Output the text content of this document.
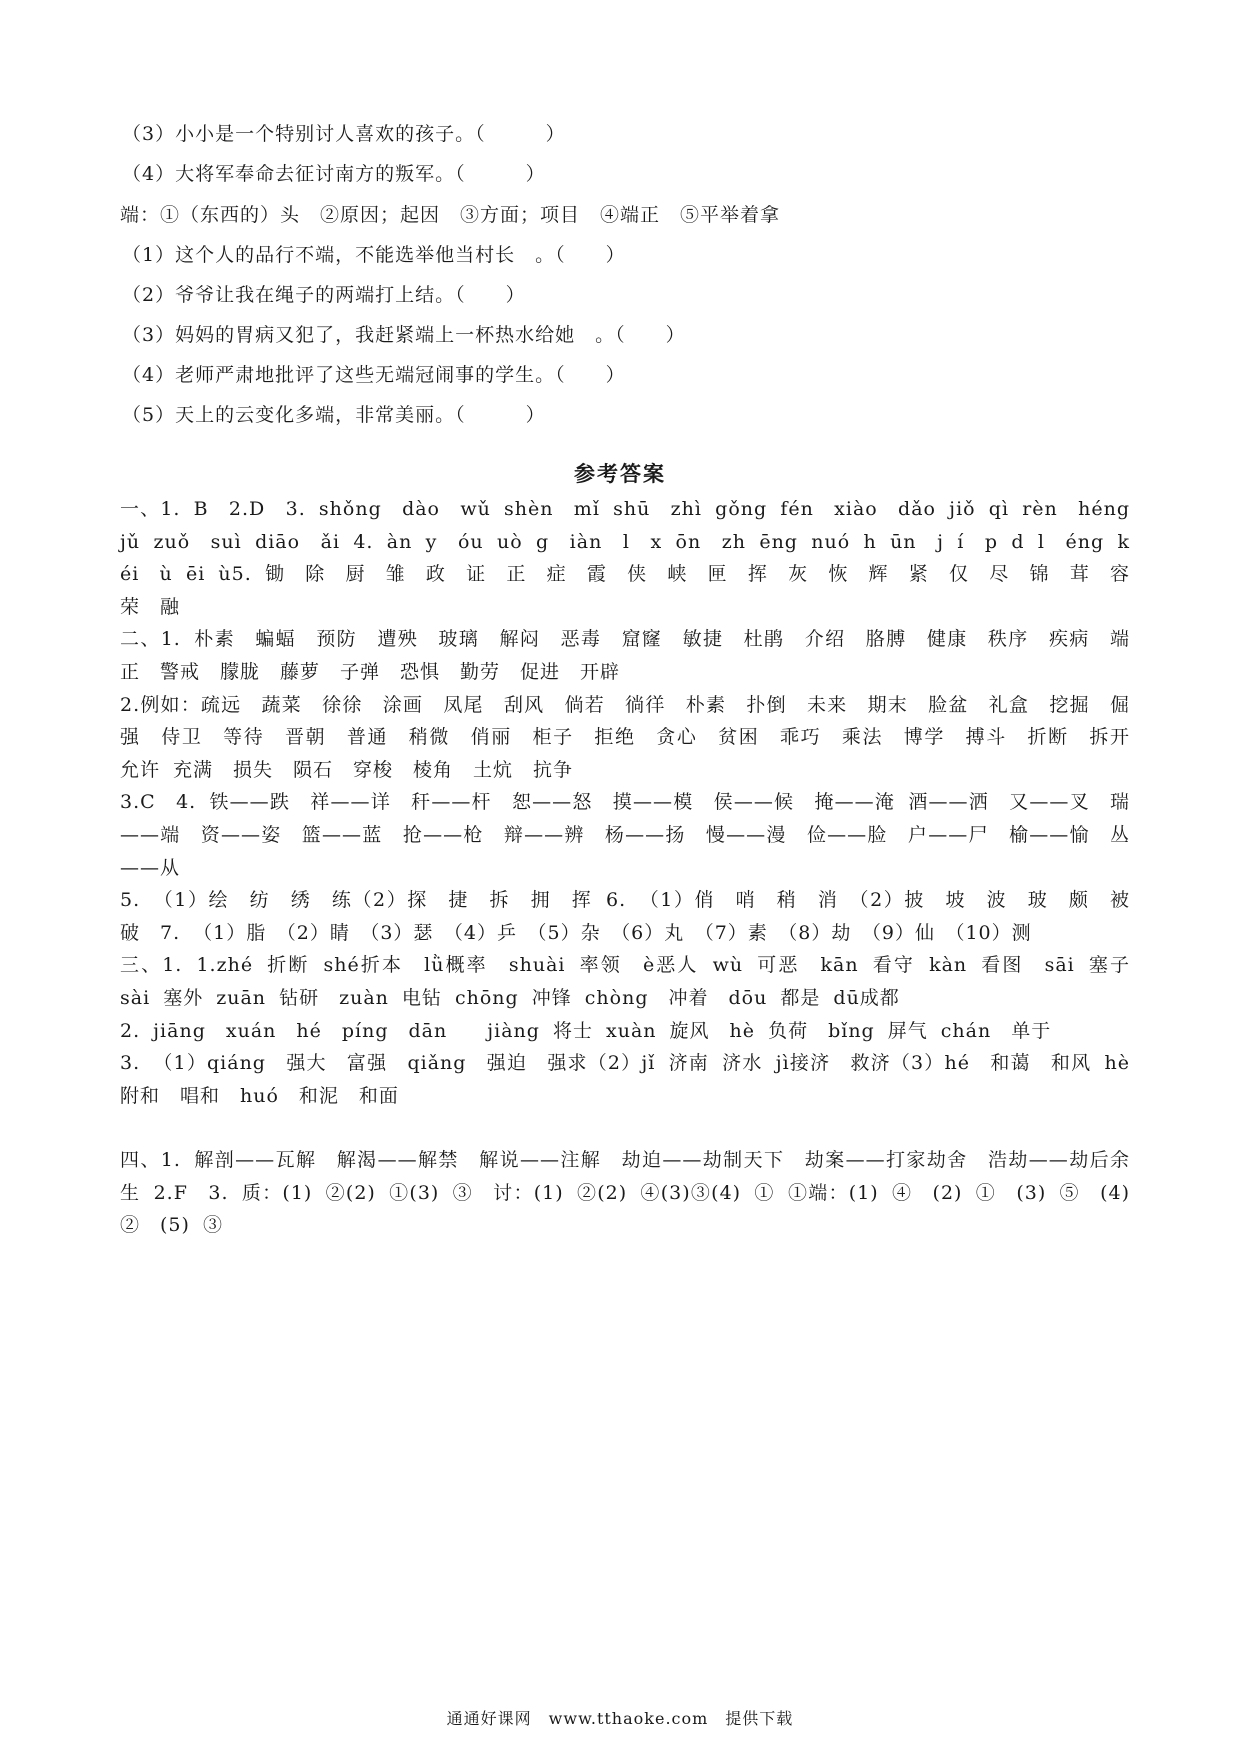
（3）小小是一个特别讨人喜欢的孩子。（　　　）
（4）大将军奉命去征讨南方的叛军。（　　　）
端：①（东西的）头　②原因；起因　③方面；项目　④端正　⑤平举着拿
（1）这个人的品行不端，不能选举他当村长　。（　　）
（2）爷爷让我在绳子的两端打上结。（　　）
（3）妈妈的胃病又犯了，我赶紧端上一杯热水给她　。（　　）
（4）老师严肃地批评了这些无端冠闹事的学生。（　　）
（5）天上的云变化多端，非常美丽。（　　　）
参考答案

一、1. B　2.D　3. shǒng　dào　wǔ shèn　mǐ shū　zhì gǒng fén　xiào　dǎo jiǒ qì rèn　héng　jǔ zuǒ　suì diāo　ǎi 4. àn y　óu uò g　iàn　l　x ōn　zh ēng nuó h ūn　j í　p d l　éng k éi　ù ēi ù5. 锄　除　厨　雏　政　证　正　症　霞　侠　峡　匣　挥　灰　恢　辉　紧　仅　尽　锦　茸　容　荣　融

二、1. 朴素　蝙蝠　预防　遭殃　玻璃　解闷　恶毒　窟窿　敏捷　杜鹃　介绍　胳膊　健康　秩序　疾病　端正　警戒　朦胧　藤萝　子弹　恐惧　勤劳　促进　开辟

2.例如：疏远　蔬菜　徐徐　涂画　凤尾　刮风　倘若　徜徉　朴素　扑倒　未来　期末　脸盆　礼盒　挖掘　倔强　侍卫　等待　晋朝　普通　稍微　俏丽　柜子　拒绝　贪心　贫困　乖巧　乘法　博学　搏斗　折断　拆开　允许 充满　损失　陨石　穿梭　棱角　土炕　抗争

3.C　4. 铁——跌　祥——详　秆——杆　恕——怒　摸——模　侯——候　掩——淹 酒——洒　又——叉　瑞——端　资——姿　篮——蓝　抢——枪　辩——辨　杨——扬　慢——漫　俭——脸　户——尸　榆——愉　丛——从

5. （1）绘　纺　绣　练（2）探　捷　拆　拥　挥 6. （1）俏　哨　稍　消　（2）披　坡　波　玻　颇　被　破　7. （1）脂　（2）睛　（3）瑟　（4）乒　（5）杂　（6）丸　（7）素　（8）劫　（9）仙　（10）测

三、1. 1.zhé 折断 shé折本　lǜ概率　shuài 率领　è恶人 wù 可恶　kān 看守 kàn 看图　sāi 塞子 sài 塞外 zuān 钻研　zuàn 电钻 chōng 冲锋 chòng　冲着　dōu 都是 dū成都

2. jiāng　xuán　hé　píng　dān　　jiàng 将士 xuàn 旋风　hè 负荷　bǐng 屏气 chán　单于

3. （1）qiáng　强大　富强　qiǎng　强迫　强求（2）jǐ 济南 济水 jì接济　救济（3）hé　和蔼　和风 hè 附和　唱和　huó　和泥　和面

四、1. 解剖——瓦解　解渴——解禁　解说——注解　劫迫——劫制天下　劫案——打家劫舍　浩劫——劫后余生 2.F　3. 质：(1) ②(2) ①(3) ③　讨：(1) ②(2) ④(3)③(4) ① ①端：(1) ④　(2) ①　(3) ⑤　(4) ②　(5) ③

通通好课网　www.tthaoke.com　提供下载
